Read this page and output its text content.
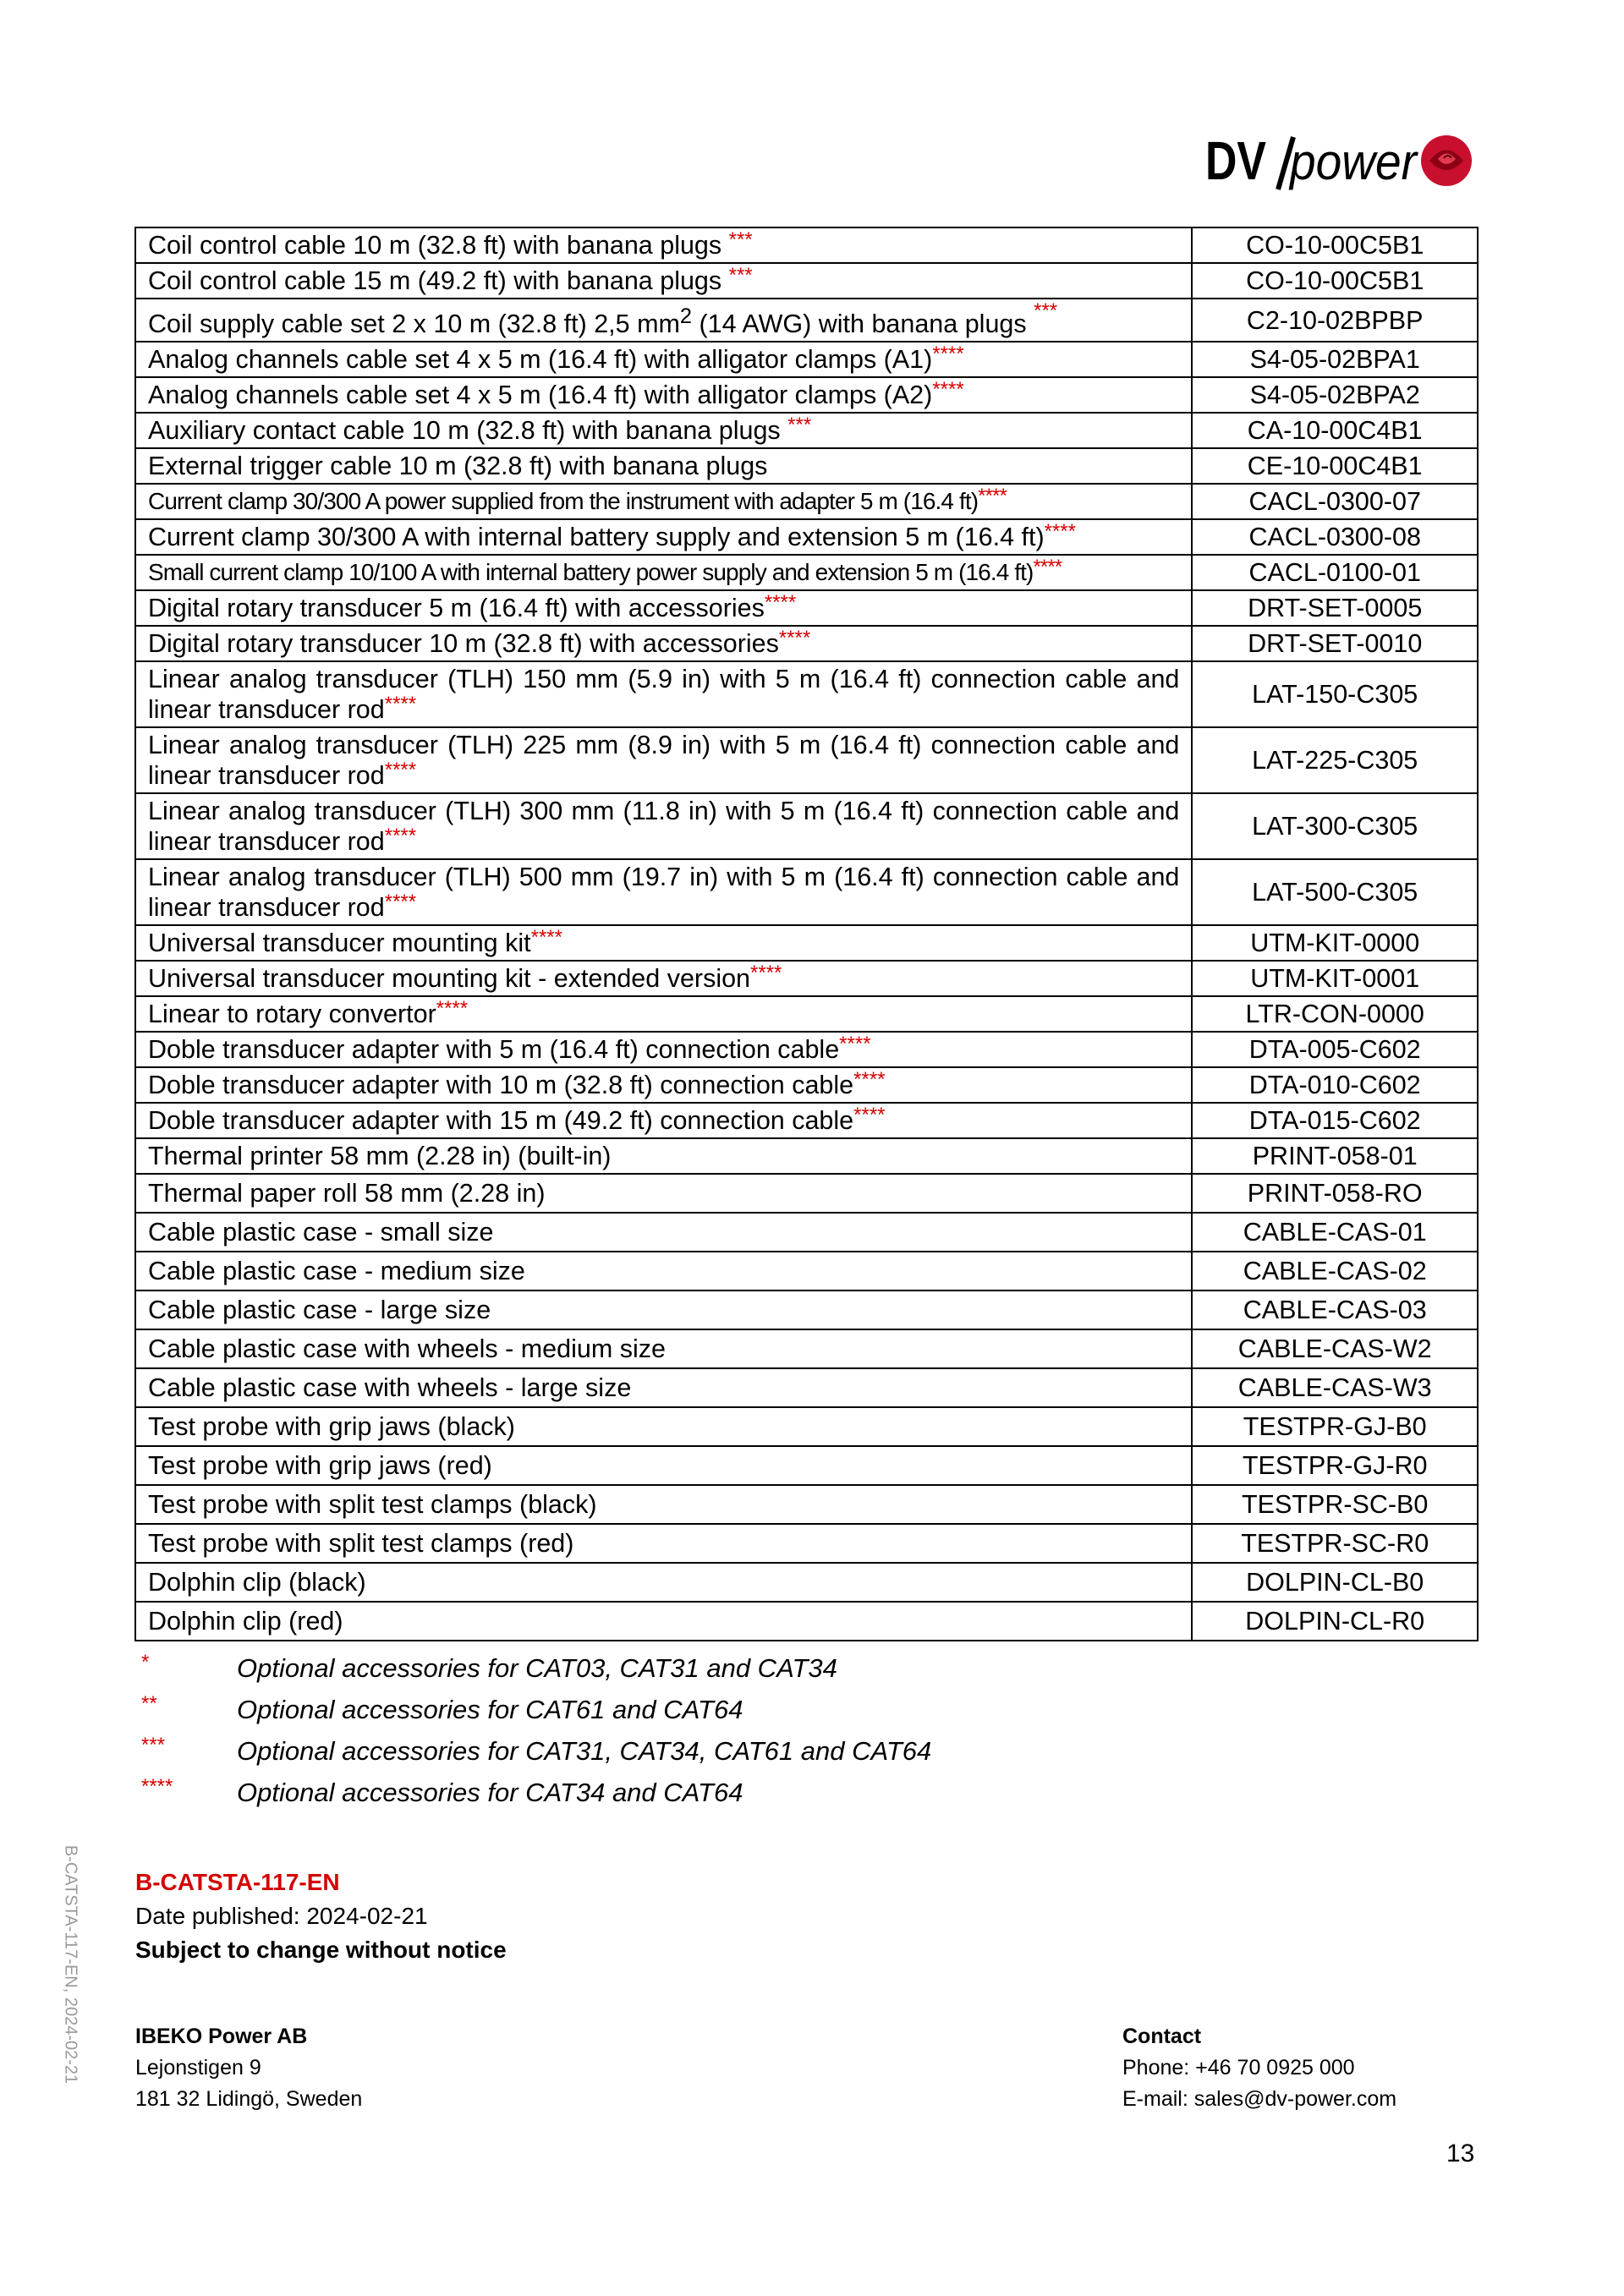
DV power
Coil control cable 10 m (32.8 ft) with banana plugs ***	CO-10-00C5B1
Coil control cable 15 m (49.2 ft) with banana plugs ***	CO-10-00C5B1
Coil supply cable set 2 x 10 m (32.8 ft) 2,5 $mm^2$ (14 AWG) with banana plugs ***	C2-10-02BPBP
Analog channels cable set 4 x 5 m (16.4 ft) with alligator clamps (A1)****	S4-05-02BPA1
Analog channels cable set 4 x 5 m (16.4 ft) with alligator clamps (A2)****	S4-05-02BPA2
Auxiliary contact cable 10 m (32.8 ft) with banana plugs ***	CA-10-00C4B1
External trigger cable 10 m (32.8 ft) with banana plugs	CE-10-00C4B1
Current clamp 30/300 A power supplied from the instrument with adapter 5 m (16.4 ft)****	CACL-0300-07
Current clamp 30/300 A with internal battery supply and extension 5 m (16.4 ft)****	CACL-0300-08
Small current clamp 10/100 A with internal battery power supply and extension 5 m (16.4 ft)****	CACL-0100-01
Digital rotary transducer 5 m (16.4 ft) with accessories****	DRT-SET-0005
Digital rotary transducer 10 m (32.8 ft) with accessories****	DRT-SET-0010
Linear analog transducer (TLH) 150 mm (5.9 in) with 5 m (16.4 ft) connection cable and linear transducer rod****	LAT-150-C305
Linear analog transducer (TLH) 225 mm (8.9 in) with 5 m (16.4 ft) connection cable and linear transducer rod****	LAT-225-C305
Linear analog transducer (TLH) 300 mm (11.8 in) with 5 m (16.4 ft) connection cable and linear transducer rod****	LAT-300-C305
Linear analog transducer (TLH) 500 mm (19.7 in) with 5 m (16.4 ft) connection cable and linear transducer rod****	LAT-500-C305
Universal transducer mounting kit****	UTM-KIT-0000
Universal transducer mounting kit - extended version****	UTM-KIT-0001
Linear to rotary convertor****	LTR-CON-0000
Doble transducer adapter with 5 m (16.4 ft) connection cable****	DTA-005-C602
Doble transducer adapter with 10 m (32.8 ft) connection cable****	DTA-010-C602
Doble transducer adapter with 15 m (49.2 ft) connection cable****	DTA-015-C602
Thermal printer 58 mm (2.28 in) (built-in)	PRINT-058-01
Thermal paper roll 58 mm (2.28 in)	PRINT-058-RO
Cable plastic case - small size	CABLE-CAS-01
Cable plastic case - medium size	CABLE-CAS-02
Cable plastic case - large size	CABLE-CAS-03
Cable plastic case with wheels - medium size	CABLE-CAS-W2
Cable plastic case with wheels - large size	CABLE-CAS-W3
Test probe with grip jaws (black)	TESTPR-GJ-B0
Test probe with grip jaws (red)	TESTPR-GJ-R0
Test probe with split test clamps (black)	TESTPR-SC-B0
Test probe with split test clamps (red)	TESTPR-SC-R0
Dolphin clip (black)	DOLPIN-CL-B0
Dolphin clip (red)	DOLPIN-CL-R0
*	Optional accessories for CAT03, CAT31 and CAT34
**	Optional accessories for CAT61 and CAT64
***	Optional accessories for CAT31, CAT34, CAT61 and CAT64
****	Optional accessories for CAT34 and CAT64
B-CATSTA-117-EN, 2024-02-21 B-CATSTA-117-EN
Date published: 2024-02-21
Subject to change without notice
IBEKO Power AB
Lejonstigen 9
181 32 Lidingö, Sweden
Contact
Phone: +46 70 0925 000
E-mail: sales@dv-power.com
13
